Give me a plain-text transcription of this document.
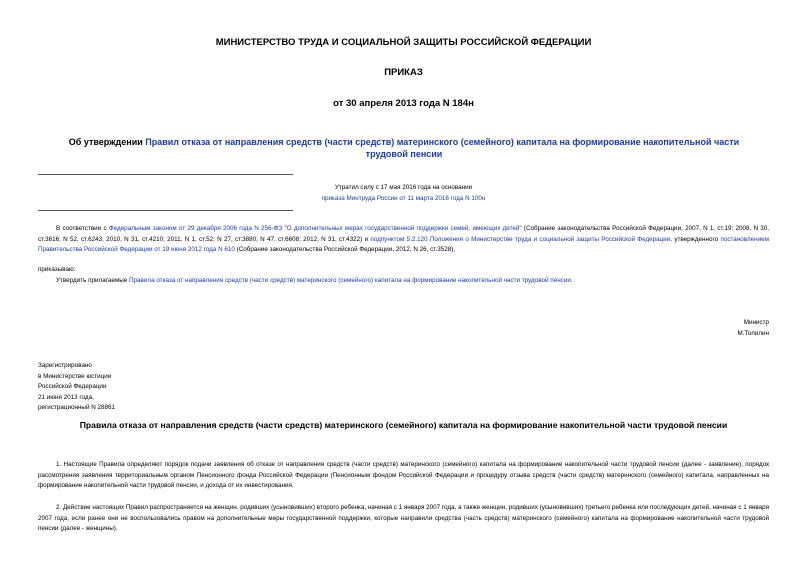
МИНИСТЕРСТВО ТРУДА И СОЦИАЛЬНОЙ ЗАЩИТЫ РОССИЙСКОЙ ФЕДЕРАЦИИ
ПРИКАЗ
от 30 апреля 2013 года N 184н
Об утверждении Правил отказа от направления средств (части средств) материнского (семейного) капитала на формирование накопительной части трудовой пенсии
Утратил силу с 17 мая 2016 года на основании
приказа Минтруда России от 11 марта 2016 года N 100н
В соответствии с Федеральным законом от 29 декабря 2006 года N 256-ФЗ "О дополнительных мерах государственной поддержки семей, имеющих детей" (Собрание законодательства Российской Федерации, 2007, N 1, ст.19; 2008, N 30, ст.3616; N 52, ст.6243; 2010, N 31, ст.4210; 2011, N 1, ст.52; N 27, ст.3880; N 47, ст.6608; 2012, N 31, ст.4322) и подпунктом 5.2.120 Положения о Министерстве труда и социальной защиты Российской Федерации, утвержденного постановлением Правительства Российской Федерации от 19 июня 2012 года N 610 (Собрание законодательства Российской Федерации, 2012, N 26, ст.3528),
приказываю:
Утвердить прилагаемые Правила отказа от направления средств (части средств) материнского (семейного) капитала на формирование накопительной части трудовой пенсии.
Министр
М.Топилин
Зарегистрировано
в Министерстве юстиции
Российской Федерации
21 июня 2013 года,
регистрационный N 28861
Правила отказа от направления средств (части средств) материнского (семейного) капитала на формирование накопительной части трудовой пенсии
1. Настоящие Правила определяют порядок подачи заявления об отказе от направления средств (части средств) материнского (семейного) капитала на формирование накопительной части трудовой пенсии (далее - заявление), порядок рассмотрения заявления территориальным органом Пенсионного фонда Российской Федерации (Пенсионным фондом Российской Федерации и процедуру отзыва средств (части средств) материнского (семейного) капитала, направленных на формирование накопительной части трудовой пенсии, и дохода от их инвестирования.
2. Действие настоящих Правил распространяется на женщин, родивших (усыновивших) второго ребенка, начиная с 1 января 2007 года, а также женщин, родивших (усыновивших) третьего ребенка или последующих детей, начиная с 1 января 2007 года, если ранее они не воспользовались правом на дополнительные меры государственной поддержки, которые направили средства (часть средств) материнского (семейного) капитала на формирование накопительной части трудовой пенсии (далее - женщины).
